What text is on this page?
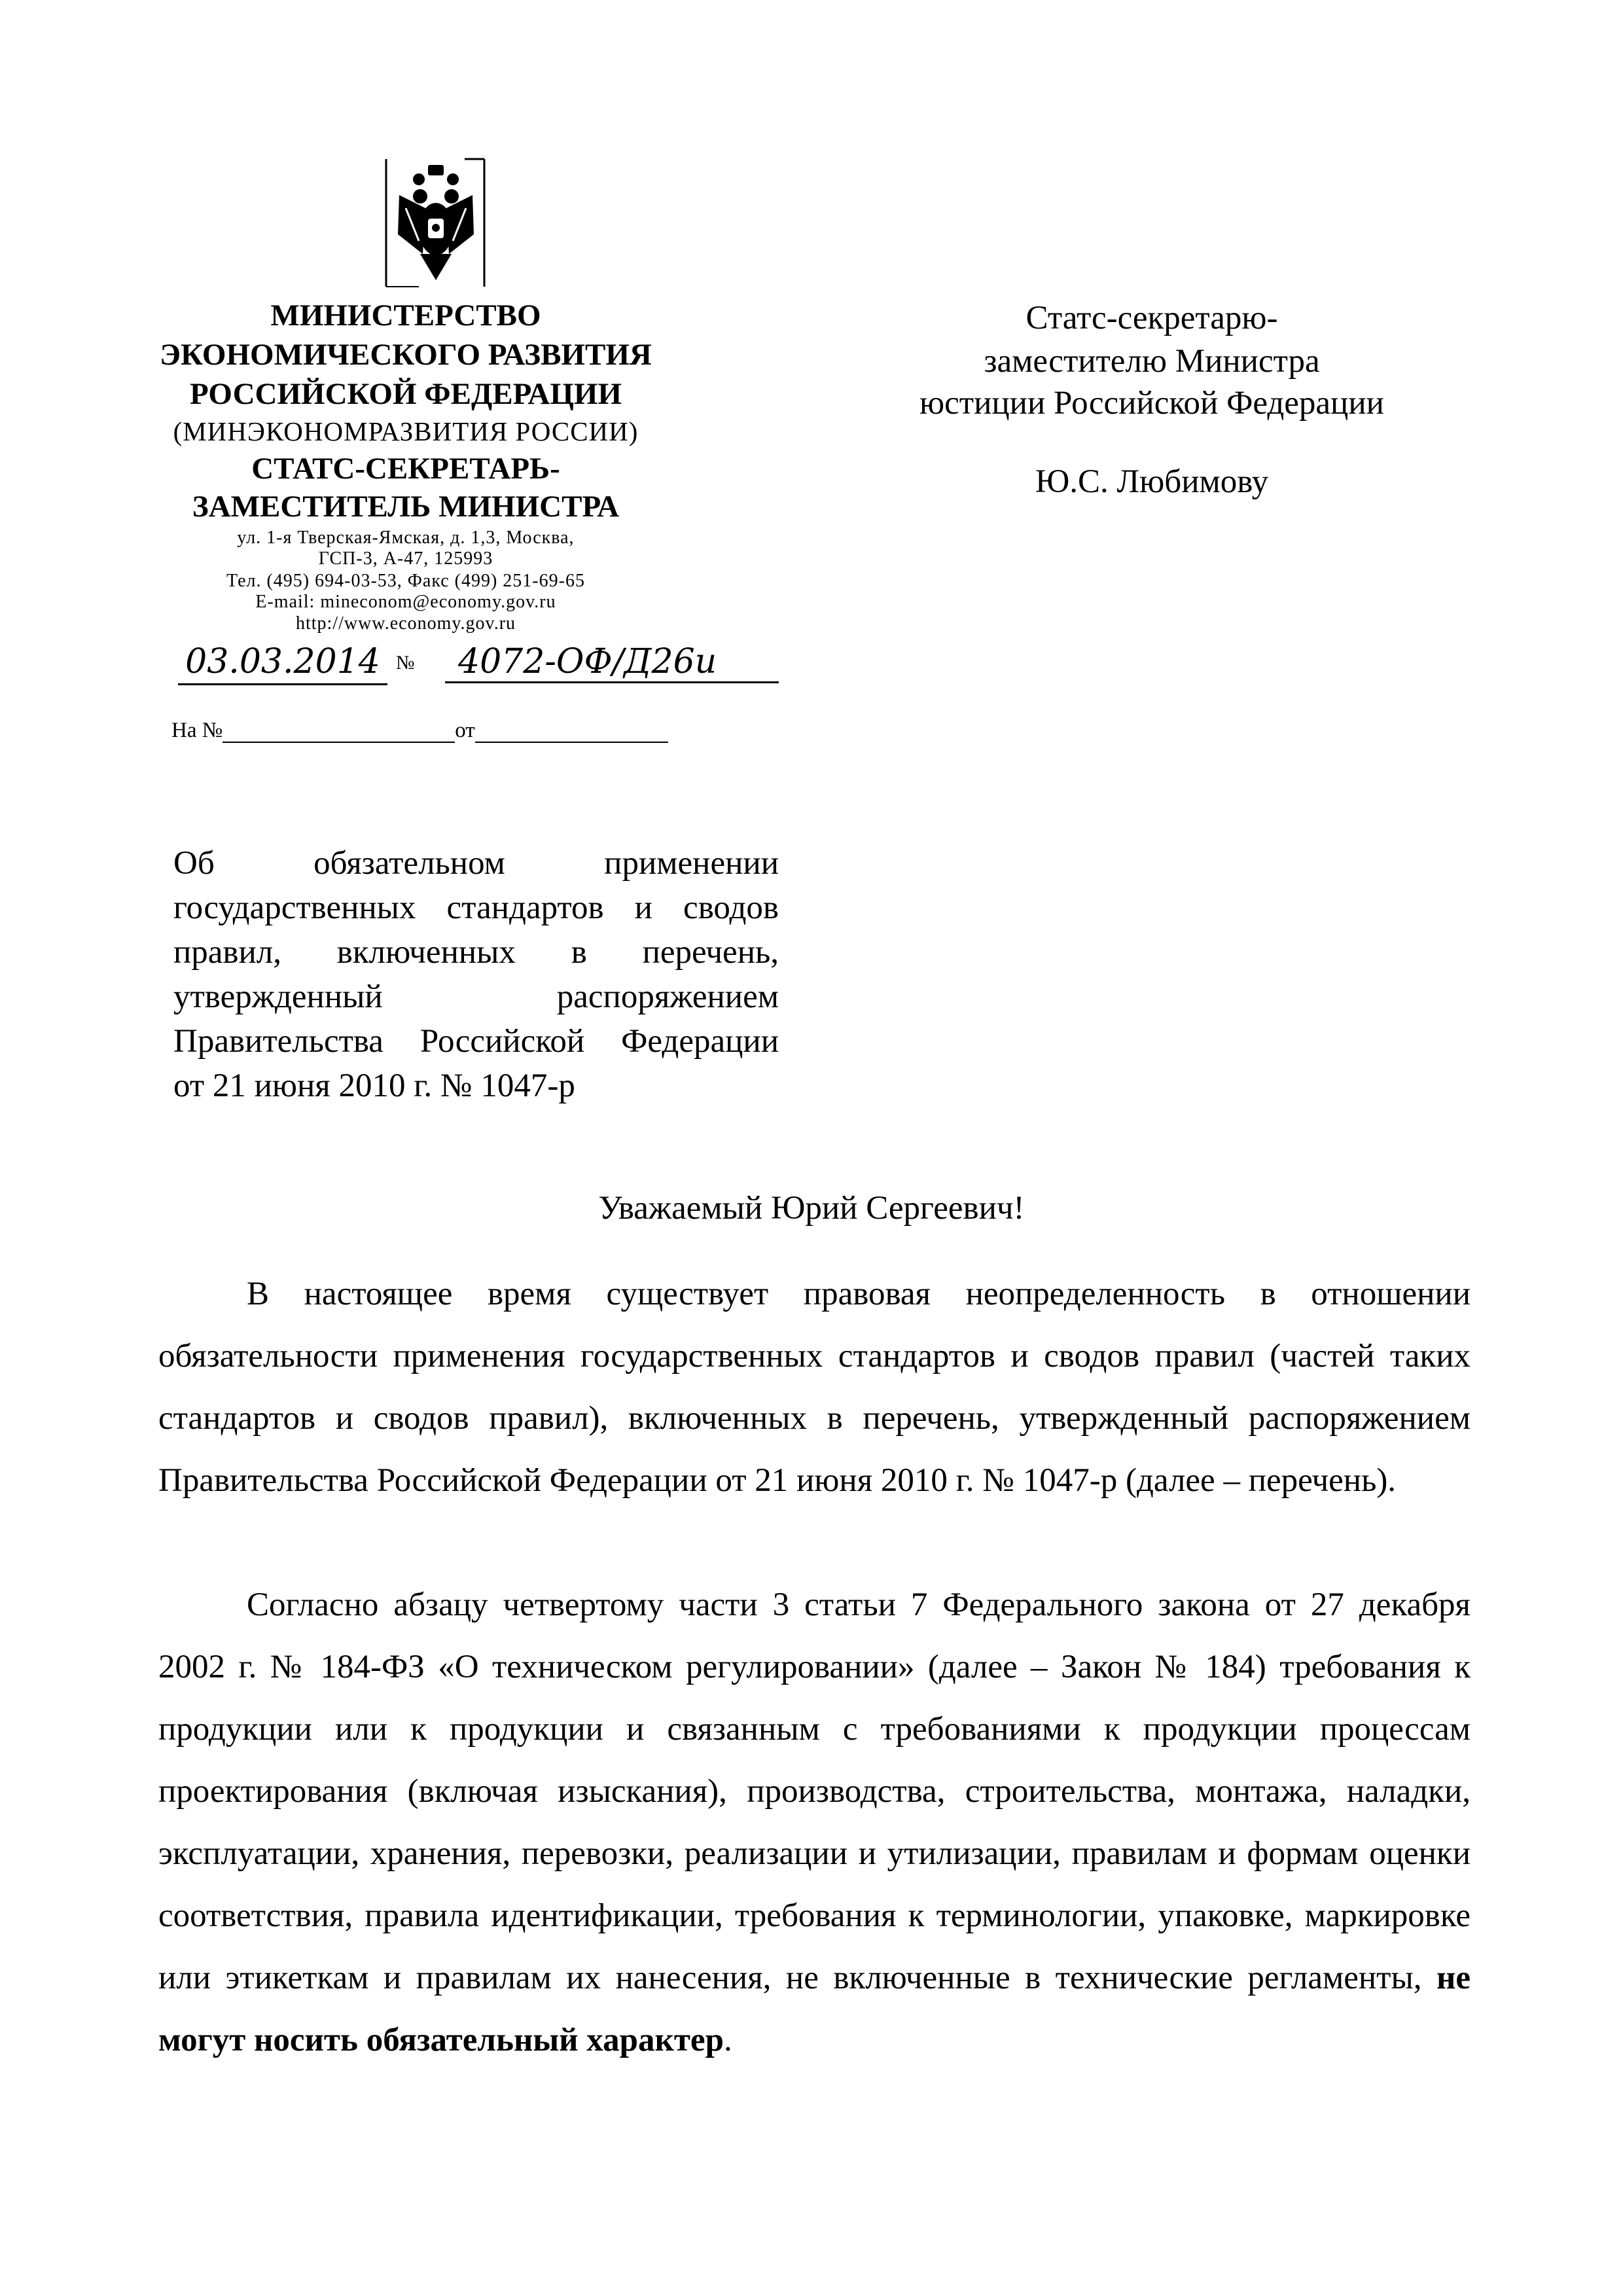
МИНИСТЕРСТВО
ЭКОНОМИЧЕСКОГО РАЗВИТИЯ
РОССИЙСКОЙ ФЕДЕРАЦИИ
(МИНЭКОНОМРАЗВИТИЯ РОССИИ)
СТАТС-СЕКРЕТАРЬ-
ЗАМЕСТИТЕЛЬ МИНИСТРА
ул. 1-я Тверская-Ямская, д. 1,3, Москва,
ГСП-3, А-47, 125993
Тел. (495) 694-03-53, Факс (499) 251-69-65
E-mail: mineconom@economy.gov.ru
http://www.economy.gov.ru
03.03.2014 №	4072-ОФ/Д26и
На №	от
Статс-секретарю-
заместителю Министра
юстиции Российской Федерации
Ю.С. Любимову
Об обязательном применении
государственных стандартов и сводов
правил, включенных в перечень,
утвержденный распоряжением
Правительства Российской Федерации
от 21 июня 2010 г. № 1047-р
Уважаемый Юрий Сергеевич!
В настоящее время существует правовая неопределенность в отношении обязательности применения государственных стандартов и сводов правил (частей таких стандартов и сводов правил), включенных в перечень, утвержденный распоряжением Правительства Российской Федерации от 21 июня 2010 г. № 1047-р (далее – перечень).
Согласно абзацу четвертому части 3 статьи 7 Федерального закона от 27 декабря 2002 г. № 184-ФЗ «О техническом регулировании» (далее – Закон № 184) требования к продукции или к продукции и связанным с требованиями к продукции процессам проектирования (включая изыскания), производства, строительства, монтажа, наладки, эксплуатации, хранения, перевозки, реализации и утилизации, правилам и формам оценки соответствия, правила идентификации, требования к терминологии, упаковке, маркировке или этикеткам и правилам их нанесения, не включенные в технические регламенты, не могут носить обязательный характер.
